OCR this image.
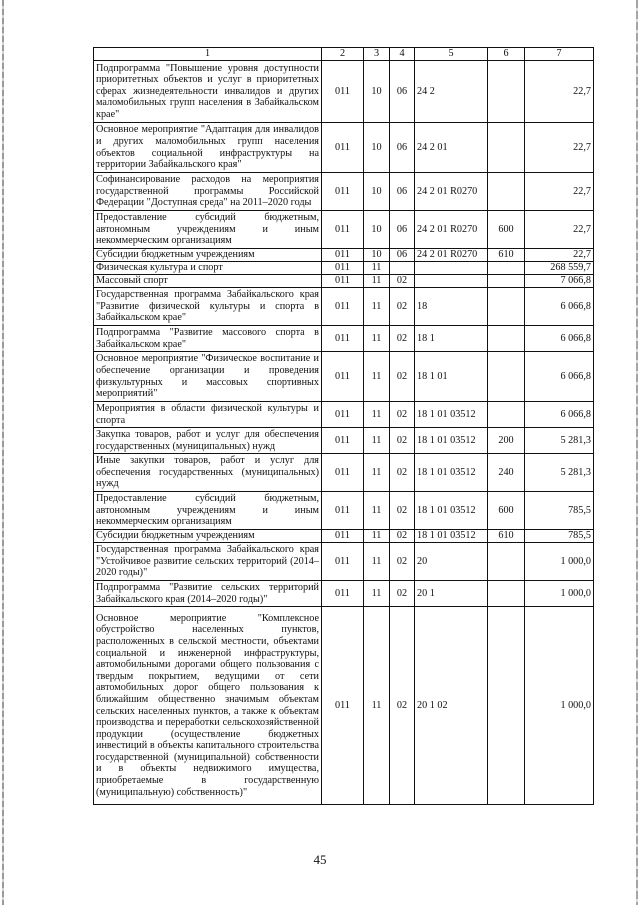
1	2	3	4	5	6	7
Подпрограмма "Повышение уровня доступности приоритетных объектов и услуг в приоритетных сферах жизнедеятельности инвалидов и других маломобильных групп населения в Забайкальском крае"	011	10	06	24 2		22,7
Основное мероприятие "Адаптация для инвалидов и других маломобильных групп населения объектов социальной инфраструктуры на территории Забайкальского края"	011	10	06	24 2 01		22,7
Софинансирование расходов на мероприятия государственной программы Российской Федерации "Доступная среда" на 2011–2020 годы	011	10	06	24 2 01 R0270		22,7
Предоставление субсидий бюджетным, автономным учреждениям и иным некоммерческим организациям	011	10	06	24 2 01 R0270	600	22,7
Субсидии бюджетным учреждениям	011	10	06	24 2 01 R0270	610	22,7
Физическая культура и спорт	011	11				268 559,7
Массовый спорт	011	11	02			7 066,8
Государственная программа Забайкальского края "Развитие физической культуры и спорта в Забайкальском крае"	011	11	02	18		6 066,8
Подпрограмма "Развитие массового спорта в Забайкальском крае"	011	11	02	18 1		6 066,8
Основное мероприятие "Физическое воспитание и обеспечение организации и проведения физкультурных и массовых спортивных мероприятий"	011	11	02	18 1 01		6 066,8
Мероприятия в области физической культуры и спорта	011	11	02	18 1 01 03512		6 066,8
Закупка товаров, работ и услуг для обеспечения государственных (муниципальных) нужд	011	11	02	18 1 01 03512	200	5 281,3
Иные закупки товаров, работ и услуг для обеспечения государственных (муниципальных) нужд	011	11	02	18 1 01 03512	240	5 281,3
Предоставление субсидий бюджетным, автономным учреждениям и иным некоммерческим организациям	011	11	02	18 1 01 03512	600	785,5
Субсидии бюджетным учреждениям	011	11	02	18 1 01 03512	610	785,5
Государственная программа Забайкальского края "Устойчивое развитие сельских территорий (2014–2020 годы)"	011	11	02	20		1 000,0
Подпрограмма "Развитие сельских территорий Забайкальского края (2014–2020 годы)"	011	11	02	20 1		1 000,0
Основное мероприятие "Комплексное обустройство населенных пунктов, расположенных в сельской местности, объектами социальной и инженерной инфраструктуры, автомобильными дорогами общего пользования с твердым покрытием, ведущими от сети автомобильных дорог общего пользования к ближайшим общественно значимым объектам сельских населенных пунктов, а также к объектам производства и переработки сельскохозяйственной продукции (осуществление бюджетных инвестиций в объекты капитального строительства государственной (муниципальной) собственности и в объекты недвижимого имущества, приобретаемые в государственную (муниципальную) собственность)"	011	11	02	20 1 02		1 000,0
45
